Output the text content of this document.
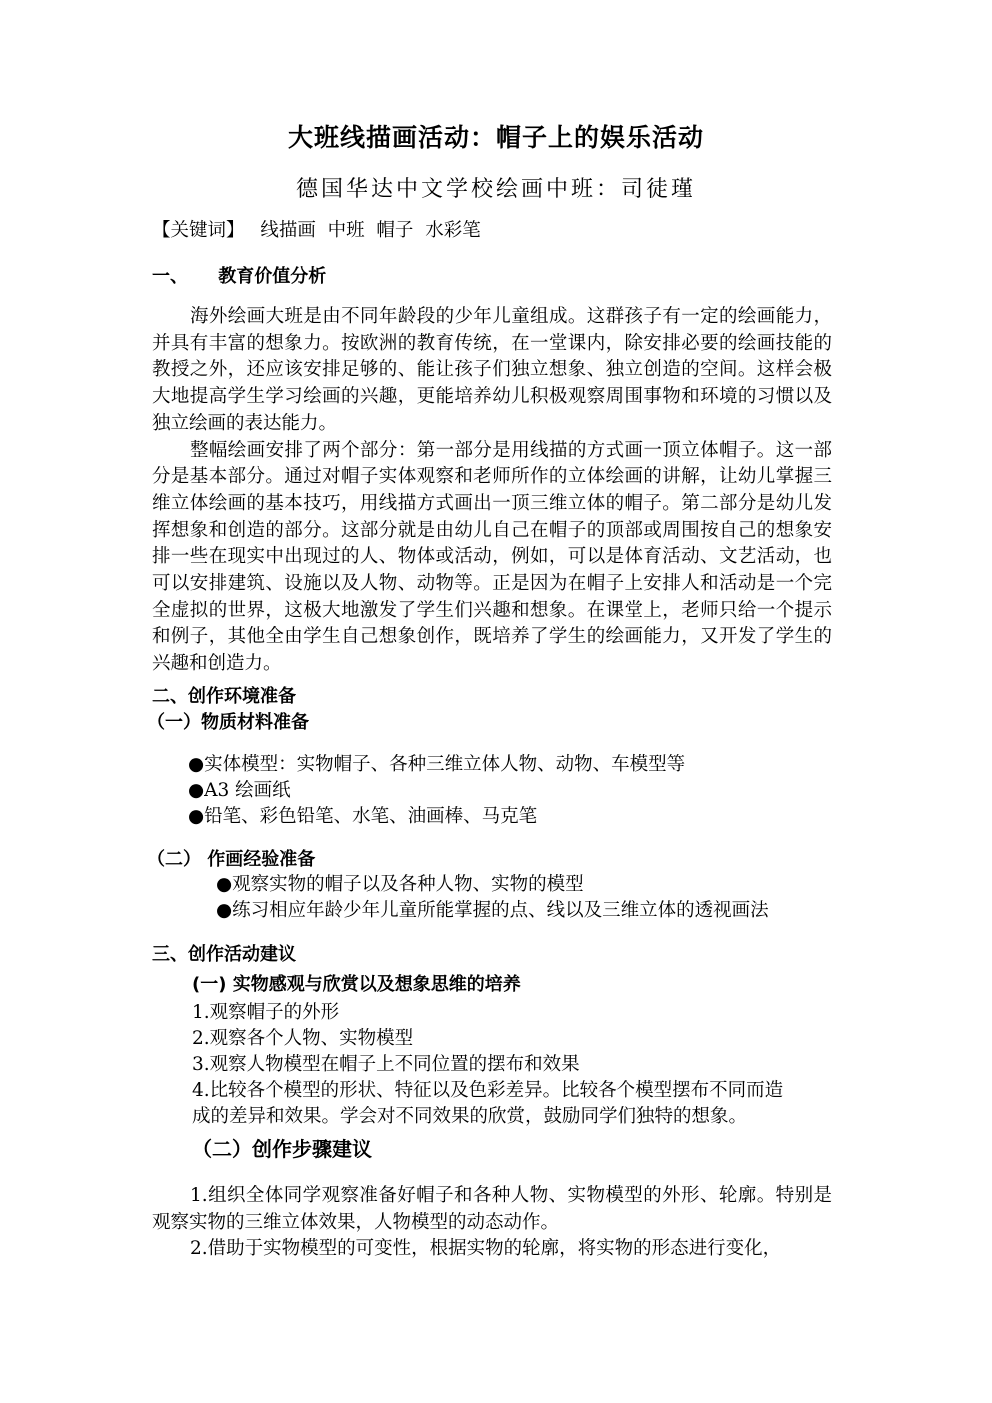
大班线描画活动：帽子上的娱乐活动
德国华达中文学校绘画中班：司徒瑾
【关键词】 线描画  中班  帽子  水彩笔
一、 教育价值分析

海外绘画大班是由不同年龄段的少年儿童组成。这群孩子有一定的绘画能力，并具有丰富的想象力。按欧洲的教育传统，在一堂课内，除安排必要的绘画技能的教授之外，还应该安排足够的、能让孩子们独立想象、独立创造的空间。这样会极大地提高学生学习绘画的兴趣，更能培养幼儿积极观察周围事物和环境的习惯以及独立绘画的表达能力。

整幅绘画安排了两个部分：第一部分是用线描的方式画一顶立体帽子。这一部分是基本部分。通过对帽子实体观察和老师所作的立体绘画的讲解，让幼儿掌握三维立体绘画的基本技巧，用线描方式画出一顶三维立体的帽子。第二部分是幼儿发挥想象和创造的部分。这部分就是由幼儿自己在帽子的顶部或周围按自己的想象安排一些在现实中出现过的人、物体或活动，例如，可以是体育活动、文艺活动，也可以安排建筑、设施以及人物、动物等。正是因为在帽子上安排人和活动是一个完全虚拟的世界，这极大地激发了学生们兴趣和想象。在课堂上，老师只给一个提示和例子，其他全由学生自己想象创作，既培养了学生的绘画能力，又开发了学生的兴趣和创造力。

二、创作环境准备
（一）物质材料准备
●实体模型：实物帽子、各种三维立体人物、动物、车模型等
●A3 绘画纸
●铅笔、彩色铅笔、水笔、油画棒、马克笔
（二） 作画经验准备
●观察实物的帽子以及各种人物、实物的模型
●练习相应年龄少年儿童所能掌握的点、线以及三维立体的透视画法
三、创作活动建议
(一) 实物感观与欣赏以及想象思维的培养
1.观察帽子的外形
2.观察各个人物、实物模型
3.观察人物模型在帽子上不同位置的摆布和效果
4.比较各个模型的形状、特征以及色彩差异。比较各个模型摆布不同而造
成的差异和效果。学会对不同效果的欣赏，鼓励同学们独特的想象。
（二）创作步骤建议

1.组织全体同学观察准备好帽子和各种人物、实物模型的外形、轮廓。特别是观察实物的三维立体效果，人物模型的动态动作。

2.借助于实物模型的可变性，根据实物的轮廓，将实物的形态进行变化，
